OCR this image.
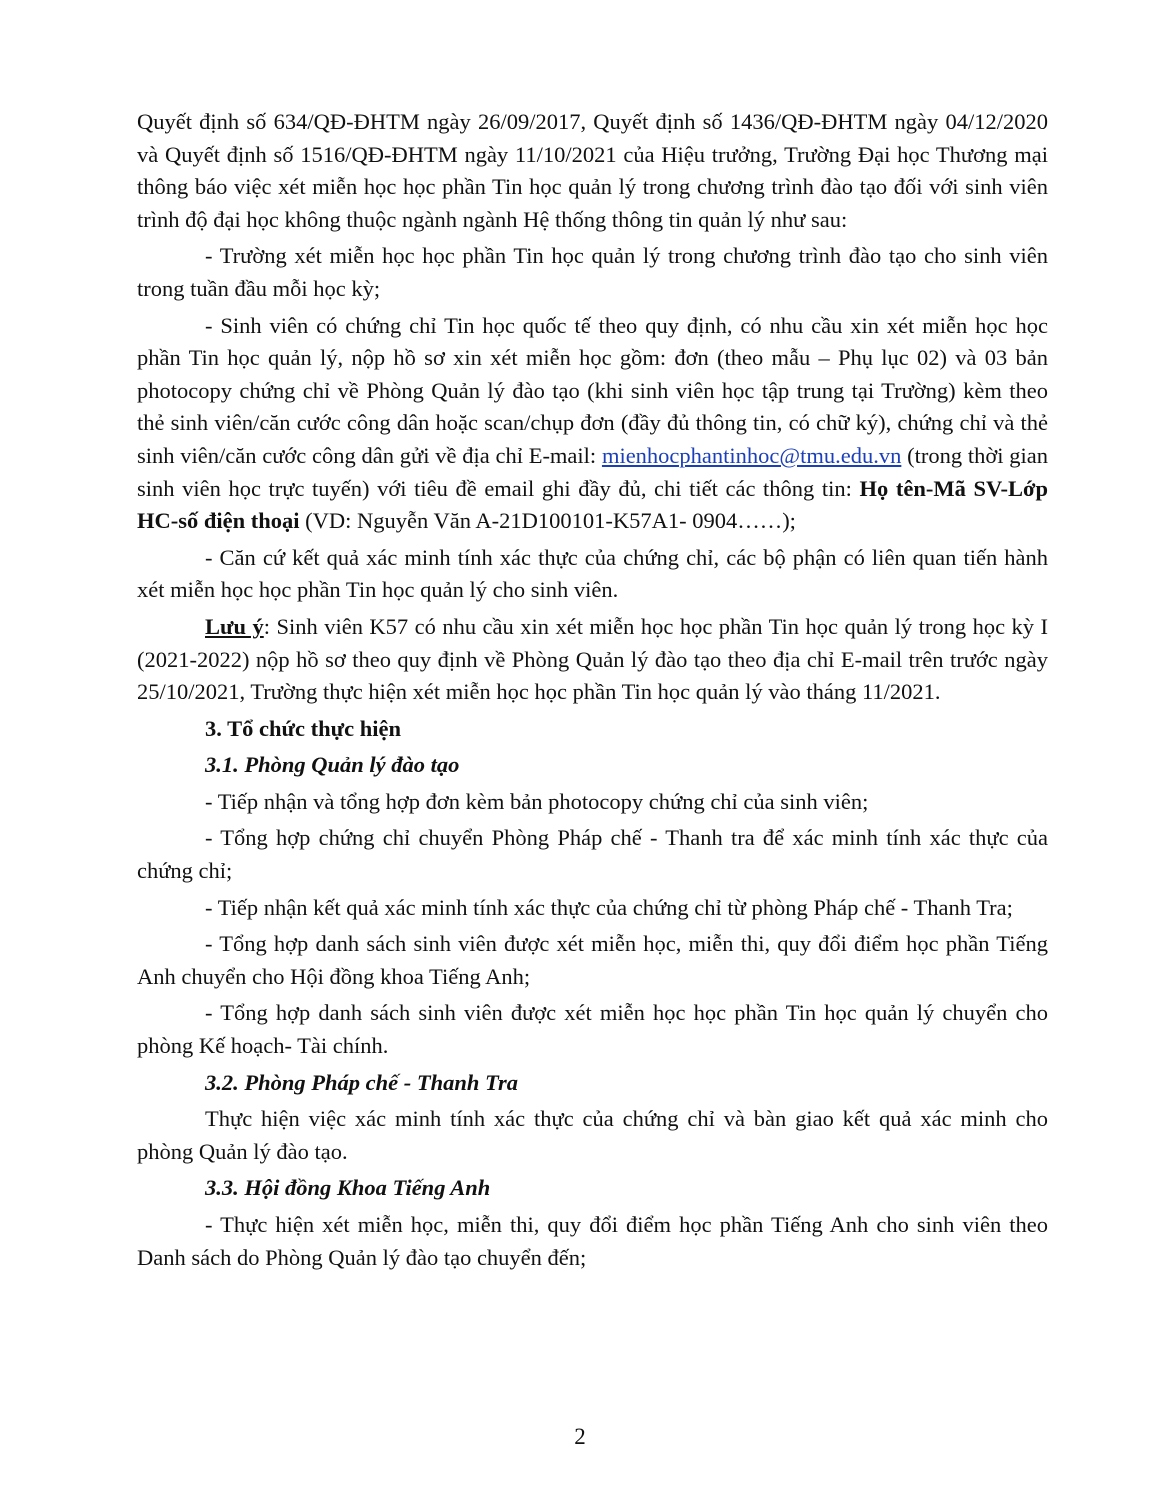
Quyết định số 634/QĐ-ĐHTM ngày 26/09/2017, Quyết định số 1436/QĐ-ĐHTM ngày 04/12/2020 và Quyết định số 1516/QĐ-ĐHTM ngày 11/10/2021 của Hiệu trưởng, Trường Đại học Thương mại thông báo việc xét miễn học học phần Tin học quản lý trong chương trình đào tạo đối với sinh viên trình độ đại học không thuộc ngành ngành Hệ thống thông tin quản lý như sau:

- Trường xét miễn học học phần Tin học quản lý trong chương trình đào tạo cho sinh viên trong tuần đầu mỗi học kỳ;

- Sinh viên có chứng chỉ Tin học quốc tế theo quy định, có nhu cầu xin xét miễn học học phần Tin học quản lý, nộp hồ sơ xin xét miễn học gồm: đơn (theo mẫu – Phụ lục 02) và 03 bản photocopy chứng chỉ về Phòng Quản lý đào tạo (khi sinh viên học tập trung tại Trường) kèm theo thẻ sinh viên/căn cước công dân hoặc scan/chụp đơn (đầy đủ thông tin, có chữ ký), chứng chỉ và thẻ sinh viên/căn cước công dân gửi về địa chỉ E-mail: mienhocphantinhoc@tmu.edu.vn (trong thời gian sinh viên học trực tuyến) với tiêu đề email ghi đầy đủ, chi tiết các thông tin: Họ tên-Mã SV-Lớp HC-số điện thoại (VD: Nguyễn Văn A-21D100101-K57A1- 0904……);

- Căn cứ kết quả xác minh tính xác thực của chứng chỉ, các bộ phận có liên quan tiến hành xét miễn học học phần Tin học quản lý cho sinh viên.

Lưu ý: Sinh viên K57 có nhu cầu xin xét miễn học học phần Tin học quản lý trong học kỳ I (2021-2022) nộp hồ sơ theo quy định về Phòng Quản lý đào tạo theo địa chỉ E-mail trên trước ngày 25/10/2021, Trường thực hiện xét miễn học học phần Tin học quản lý vào tháng 11/2021.

3. Tổ chức thực hiện

3.1. Phòng Quản lý đào tạo

- Tiếp nhận và tổng hợp đơn kèm bản photocopy chứng chỉ của sinh viên;

- Tổng hợp chứng chỉ chuyển Phòng Pháp chế - Thanh tra để xác minh tính xác thực của chứng chỉ;

- Tiếp nhận kết quả xác minh tính xác thực của chứng chỉ từ phòng Pháp chế - Thanh Tra;

- Tổng hợp danh sách sinh viên được xét miễn học, miễn thi, quy đổi điểm học phần Tiếng Anh chuyển cho Hội đồng khoa Tiếng Anh;

- Tổng hợp danh sách sinh viên được xét miễn học học phần Tin học quản lý chuyển cho phòng Kế hoạch- Tài chính.

3.2. Phòng Pháp chế - Thanh Tra

Thực hiện việc xác minh tính xác thực của chứng chỉ và bàn giao kết quả xác minh cho phòng Quản lý đào tạo.

3.3. Hội đồng Khoa Tiếng Anh

- Thực hiện xét miễn học, miễn thi, quy đổi điểm học phần Tiếng Anh cho sinh viên theo Danh sách do Phòng Quản lý đào tạo chuyển đến;

2
